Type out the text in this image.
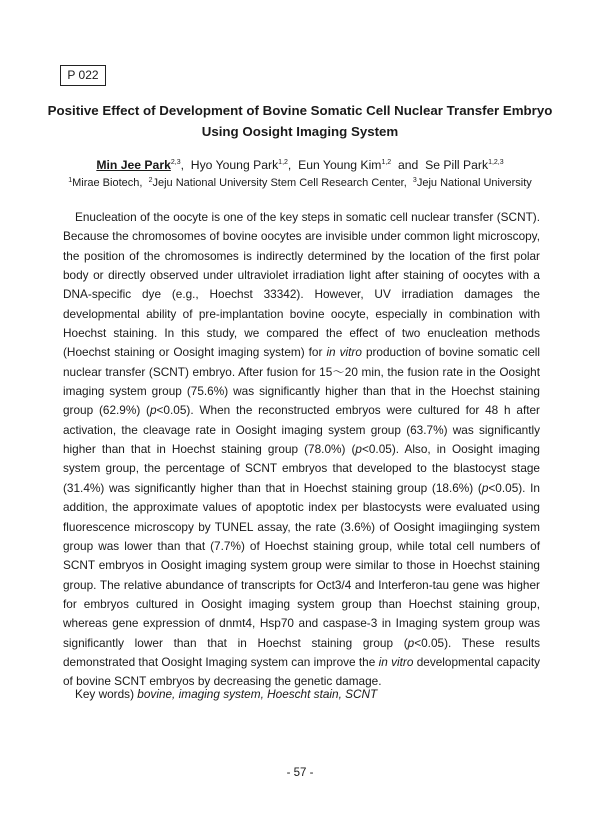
P 022
Positive Effect of Development of Bovine Somatic Cell Nuclear Transfer Embryo
Using Oosight Imaging System
Min Jee Park$^{2,3}$,  Hyo Young Park$^{1,2}$,  Eun Young Kim$^{1,2}$ and Se Pill Park$^{1,2,3}$
$^1$Mirae Biotech, $^2$Jeju National University Stem Cell Research Center, $^3$Jeju National University

Enucleation of the oocyte is one of the key steps in somatic cell nuclear transfer (SCNT). Because the chromosomes of bovine oocytes are invisible under common light microscopy, the position of the chromosomes is indirectly determined by the location of the first polar body or directly observed under ultraviolet irradiation light after staining of oocytes with a DNA-specific dye (e.g., Hoechst 33342). However, UV irradiation damages the developmental ability of pre-implantation bovine oocyte, especially in combination with Hoechst staining. In this study, we compared the effect of two enucleation methods (Hoechst staining or Oosight imaging system) for in vitro production of bovine somatic cell nuclear transfer (SCNT) embryo. After fusion for 15～20 min, the fusion rate in the Oosight imaging system group (75.6%) was significantly higher than that in the Hoechst staining group (62.9%) (p<0.05). When the reconstructed embryos were cultured for 48 h after activation, the cleavage rate in Oosight imaging system group (63.7%) was significantly higher than that in Hoechst staining group (78.0%) (p<0.05). Also, in Oosight imaging system group, the percentage of SCNT embryos that developed to the blastocyst stage (31.4%) was significantly higher than that in Hoechst staining group (18.6%) (p<0.05). In addition, the approximate values of apoptotic index per blastocysts were evaluated using fluorescence microscopy by TUNEL assay, the rate (3.6%) of Oosight imagiinging system group was lower than that (7.7%) of Hoechst staining group, while total cell numbers of SCNT embryos in Oosight imaging system group were similar to those in Hoechst staining group. The relative abundance of transcripts for Oct3/4 and Interferon-tau gene was higher for embryos cultured in Oosight imaging system group than Hoechst staining group, whereas gene expression of dnmt4, Hsp70 and caspase-3 in Imaging system group was significantly lower than that in Hoechst staining group (p<0.05). These results demonstrated that Oosight Imaging system can improve the in vitro developmental capacity of bovine SCNT embryos by decreasing the genetic damage.

Key words) bovine, imaging system, Hoescht stain, SCNT
- 57 -
